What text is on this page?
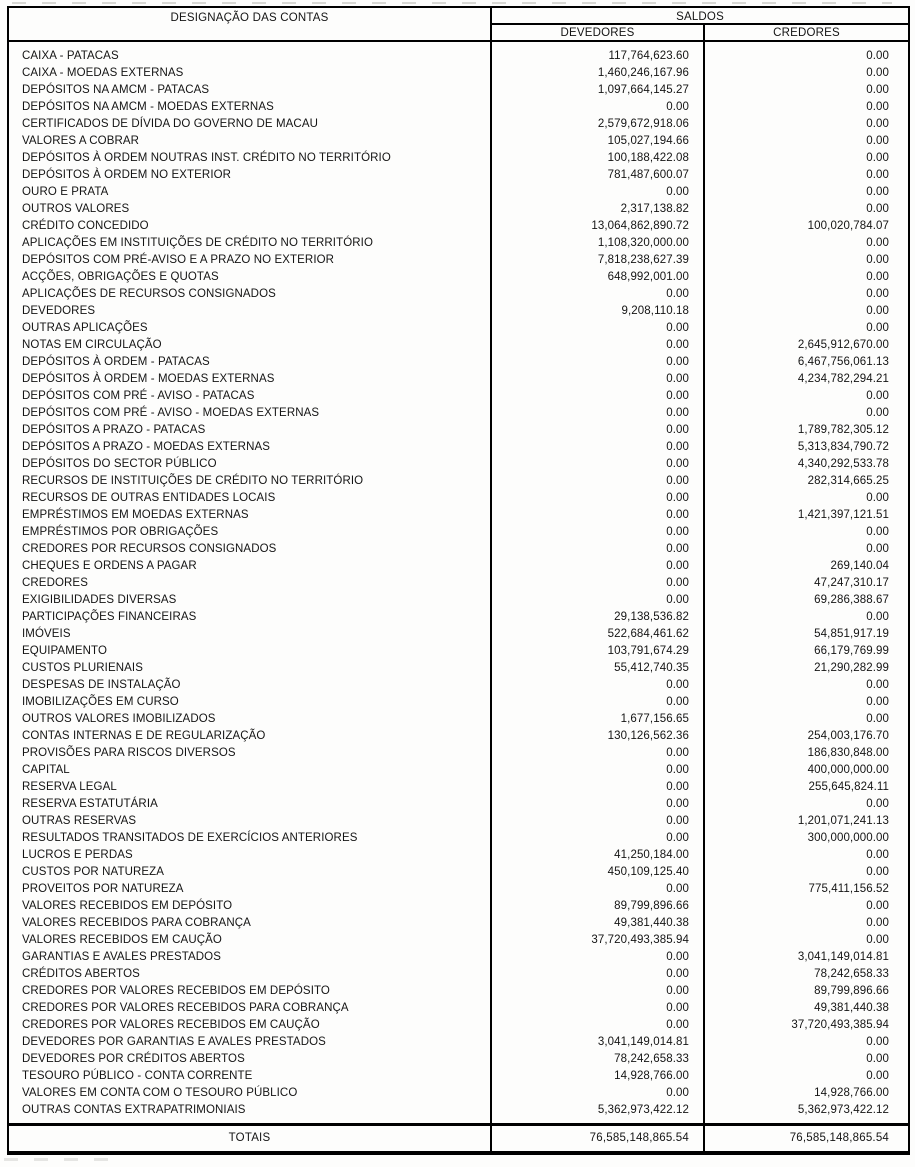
DESIGNAÇÃO DAS CONTAS	SALDOS	
	DEVEDORES	CREDORES
CAIXA - PATACAS	117,764,623.60	0.00
CAIXA - MOEDAS EXTERNAS	1,460,246,167.96	0.00
DEPÓSITOS NA AMCM - PATACAS	1,097,664,145.27	0.00
DEPÓSITOS NA AMCM - MOEDAS EXTERNAS	0.00	0.00
CERTIFICADOS DE DÍVIDA DO GOVERNO DE MACAU	2,579,672,918.06	0.00
VALORES A COBRAR	105,027,194.66	0.00
DEPÓSITOS À ORDEM NOUTRAS INST. CRÉDITO NO TERRITÓRIO	100,188,422.08	0.00
DEPÓSITOS À ORDEM NO EXTERIOR	781,487,600.07	0.00
OURO E PRATA	0.00	0.00
OUTROS VALORES	2,317,138.82	0.00
CRÉDITO CONCEDIDO	13,064,862,890.72	100,020,784.07
APLICAÇÕES EM INSTITUIÇÕES DE CRÉDITO NO TERRITÓRIO	1,108,320,000.00	0.00
DEPÓSITOS COM PRÉ-AVISO E A PRAZO NO EXTERIOR	7,818,238,627.39	0.00
ACÇÕES, OBRIGAÇÕES E QUOTAS	648,992,001.00	0.00
APLICAÇÕES DE RECURSOS CONSIGNADOS	0.00	0.00
DEVEDORES	9,208,110.18	0.00
OUTRAS APLICAÇÕES	0.00	0.00
NOTAS EM CIRCULAÇÃO	0.00	2,645,912,670.00
DEPÓSITOS À ORDEM - PATACAS	0.00	6,467,756,061.13
DEPÓSITOS À ORDEM - MOEDAS EXTERNAS	0.00	4,234,782,294.21
DEPÓSITOS COM PRÉ - AVISO - PATACAS	0.00	0.00
DEPÓSITOS COM PRÉ - AVISO - MOEDAS EXTERNAS	0.00	0.00
DEPÓSITOS A PRAZO - PATACAS	0.00	1,789,782,305.12
DEPÓSITOS A PRAZO - MOEDAS EXTERNAS	0.00	5,313,834,790.72
DEPÓSITOS DO SECTOR PÚBLICO	0.00	4,340,292,533.78
RECURSOS DE INSTITUIÇÕES DE CRÉDITO NO TERRITÓRIO	0.00	282,314,665.25
RECURSOS DE OUTRAS ENTIDADES LOCAIS	0.00	0.00
EMPRÉSTIMOS EM MOEDAS EXTERNAS	0.00	1,421,397,121.51
EMPRÉSTIMOS POR OBRIGAÇÕES	0.00	0.00
CREDORES POR RECURSOS CONSIGNADOS	0.00	0.00
CHEQUES E ORDENS A PAGAR	0.00	269,140.04
CREDORES	0.00	47,247,310.17
EXIGIBILIDADES DIVERSAS	0.00	69,286,388.67
PARTICIPAÇÕES FINANCEIRAS	29,138,536.82	0.00
IMÓVEIS	522,684,461.62	54,851,917.19
EQUIPAMENTO	103,791,674.29	66,179,769.99
CUSTOS PLURIENAIS	55,412,740.35	21,290,282.99
DESPESAS DE INSTALAÇÃO	0.00	0.00
IMOBILIZAÇÕES EM CURSO	0.00	0.00
OUTROS VALORES IMOBILIZADOS	1,677,156.65	0.00
CONTAS INTERNAS E DE REGULARIZAÇÃO	130,126,562.36	254,003,176.70
PROVISÕES PARA RISCOS DIVERSOS	0.00	186,830,848.00
CAPITAL	0.00	400,000,000.00
RESERVA LEGAL	0.00	255,645,824.11
RESERVA ESTATUTÁRIA	0.00	0.00
OUTRAS RESERVAS	0.00	1,201,071,241.13
RESULTADOS TRANSITADOS DE EXERCÍCIOS ANTERIORES	0.00	300,000,000.00
LUCROS E PERDAS	41,250,184.00	0.00
CUSTOS POR NATUREZA	450,109,125.40	0.00
PROVEITOS POR NATUREZA	0.00	775,411,156.52
VALORES RECEBIDOS EM DEPÓSITO	89,799,896.66	0.00
VALORES RECEBIDOS PARA COBRANÇA	49,381,440.38	0.00
VALORES RECEBIDOS EM CAUÇÃO	37,720,493,385.94	0.00
GARANTIAS E AVALES PRESTADOS	0.00	3,041,149,014.81
CRÉDITOS ABERTOS	0.00	78,242,658.33
CREDORES POR VALORES RECEBIDOS EM DEPÓSITO	0.00	89,799,896.66
CREDORES POR VALORES RECEBIDOS PARA COBRANÇA	0.00	49,381,440.38
CREDORES POR VALORES RECEBIDOS EM CAUÇÃO	0.00	37,720,493,385.94
DEVEDORES POR GARANTIAS E AVALES PRESTADOS	3,041,149,014.81	0.00
DEVEDORES POR CRÉDITOS ABERTOS	78,242,658.33	0.00
TESOURO PÚBLICO - CONTA CORRENTE	14,928,766.00	0.00
VALORES EM CONTA COM O TESOURO PÚBLICO	0.00	14,928,766.00
OUTRAS CONTAS EXTRAPATRIMONIAIS	5,362,973,422.12	5,362,973,422.12
TOTAIS	76,585,148,865.54	76,585,148,865.54
